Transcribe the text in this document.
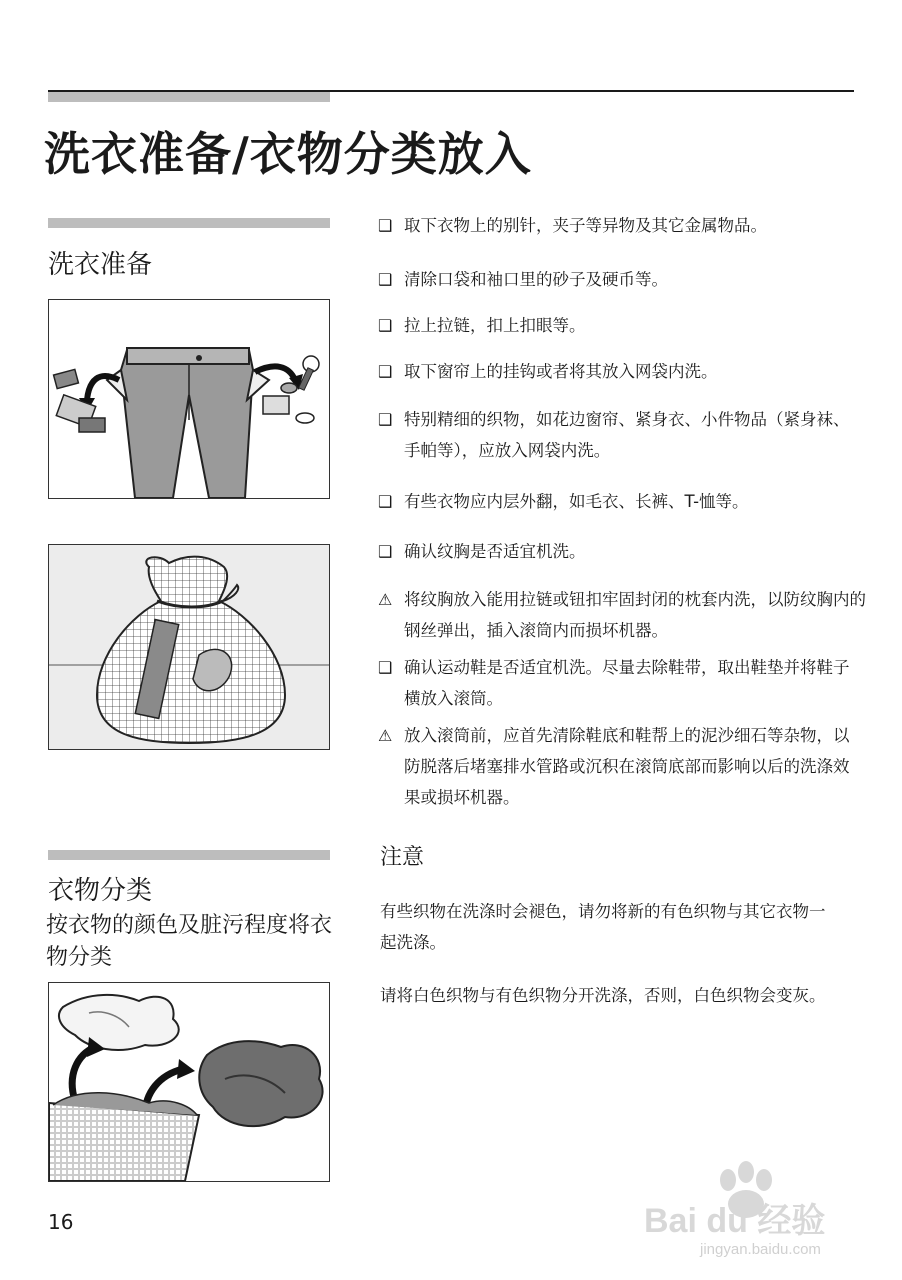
洗衣准备/衣物分类放入
洗衣准备
衣物分类
按衣物的颜色及脏污程度将衣物分类
❑ 取下衣物上的别针，夹子等异物及其它金属物品。
❑ 清除口袋和袖口里的砂子及硬币等。
❑ 拉上拉链，扣上扣眼等。
❑ 取下窗帘上的挂钩或者将其放入网袋内洗。
❑ 特别精细的织物，如花边窗帘、紧身衣、小件物品（紧身袜、手帕等），应放入网袋内洗。
❑ 有些衣物应内层外翻，如毛衣、长裤、T-恤等。
❑ 确认纹胸是否适宜机洗。
⚠ 将纹胸放入能用拉链或钮扣牢固封闭的枕套内洗，以防纹胸内的钢丝弹出，插入滚筒内而损坏机器。
❑ 确认运动鞋是否适宜机洗。尽量去除鞋带，取出鞋垫并将鞋子横放入滚筒。
⚠ 放入滚筒前，应首先清除鞋底和鞋帮上的泥沙细石等杂物，以防脱落后堵塞排水管路或沉积在滚筒底部而影响以后的洗涤效果或损坏机器。
注意
有些织物在洗涤时会褪色，请勿将新的有色织物与其它衣物一起洗涤。
请将白色织物与有色织物分开洗涤，否则，白色织物会变灰。
16	Bai du 经验
jingyan.baidu.com
